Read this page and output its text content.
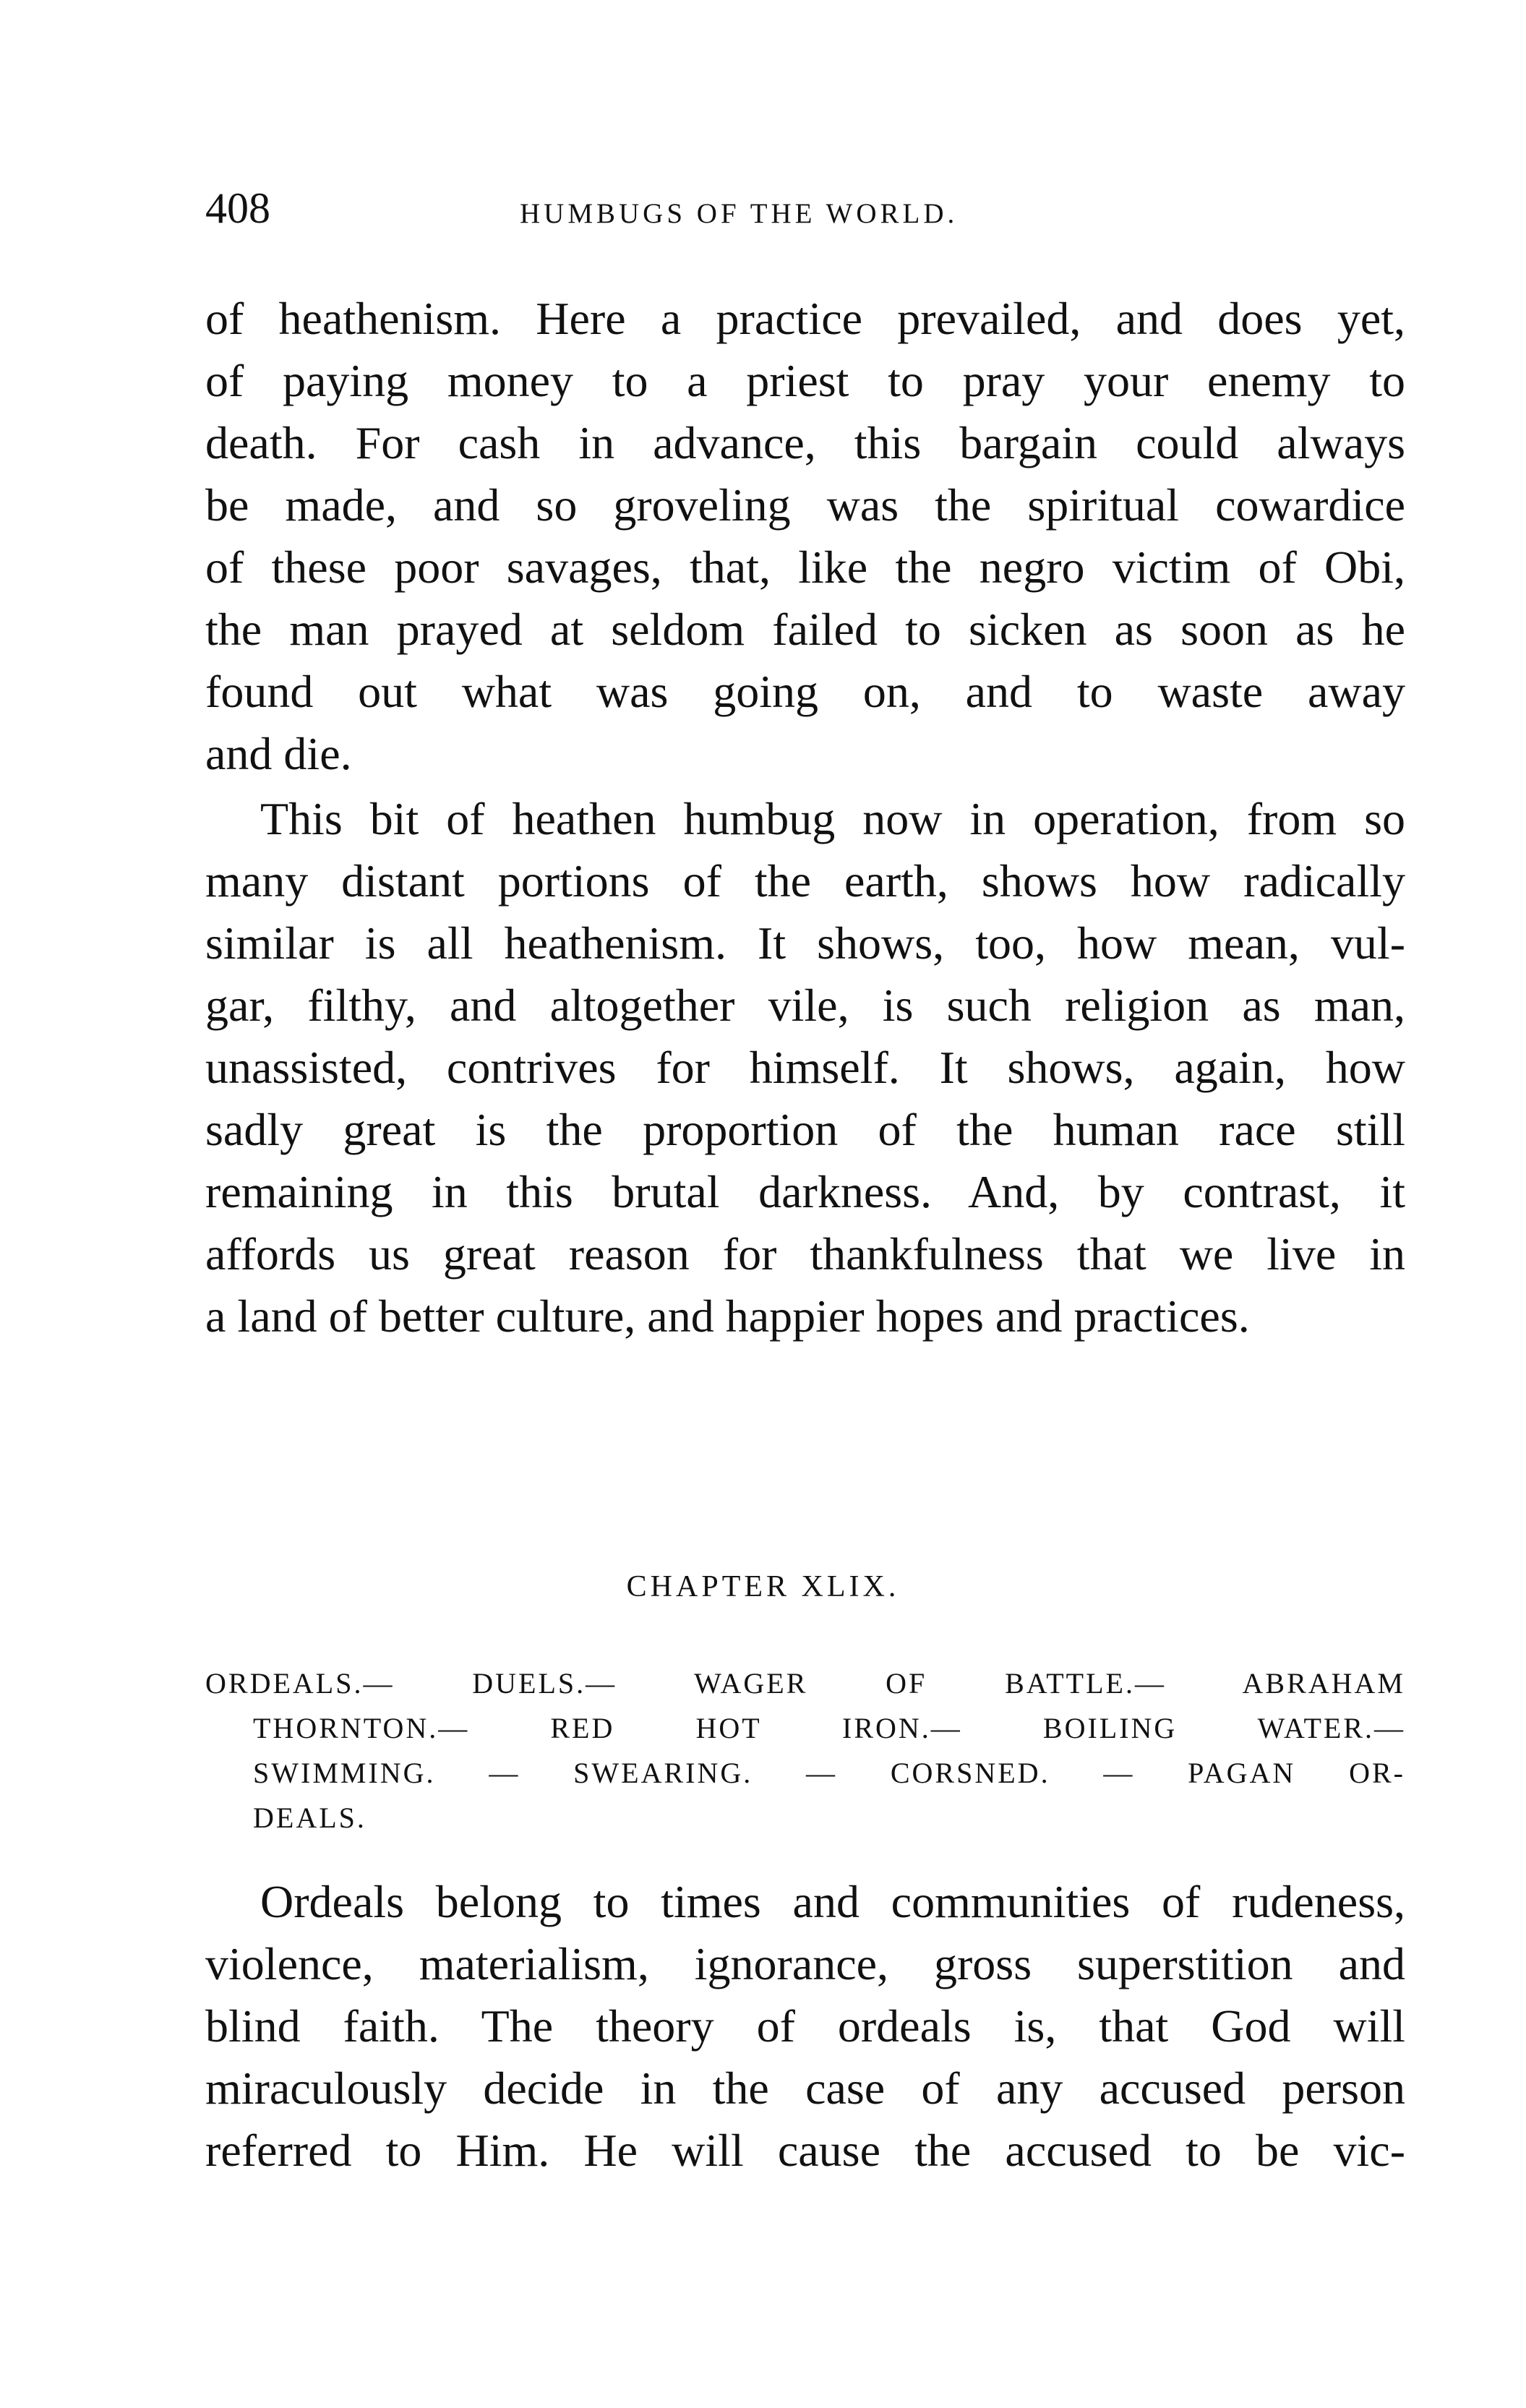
408	HUMBUGS OF THE WORLD.
of heathenism. Here a practice prevailed, and does yet,
of paying money to a priest to pray your enemy to
death. For cash in advance, this bargain could always
be made, and so groveling was the spiritual cowardice
of these poor savages, that, like the negro victim of Obi,
the man prayed at seldom failed to sicken as soon as he
found out what was going on, and to waste away
and die.
This bit of heathen humbug now in operation, from so
many distant portions of the earth, shows how radically
similar is all heathenism. It shows, too, how mean, vul-
gar, filthy, and altogether vile, is such religion as man,
unassisted, contrives for himself. It shows, again, how
sadly great is the proportion of the human race still
remaining in this brutal darkness. And, by contrast, it
affords us great reason for thankfulness that we live in
a land of better culture, and happier hopes and practices.
CHAPTER XLIX.
ORDEALS.— DUELS.— WAGER OF BATTLE.— ABRAHAM
THORNTON.— RED HOT IRON.— BOILING WATER.—
SWIMMING. — SWEARING. — CORSNED. — PAGAN OR-
DEALS.
Ordeals belong to times and communities of rudeness,
violence, materialism, ignorance, gross superstition and
blind faith. The theory of ordeals is, that God will
miraculously decide in the case of any accused person
referred to Him. He will cause the accused to be vic-
